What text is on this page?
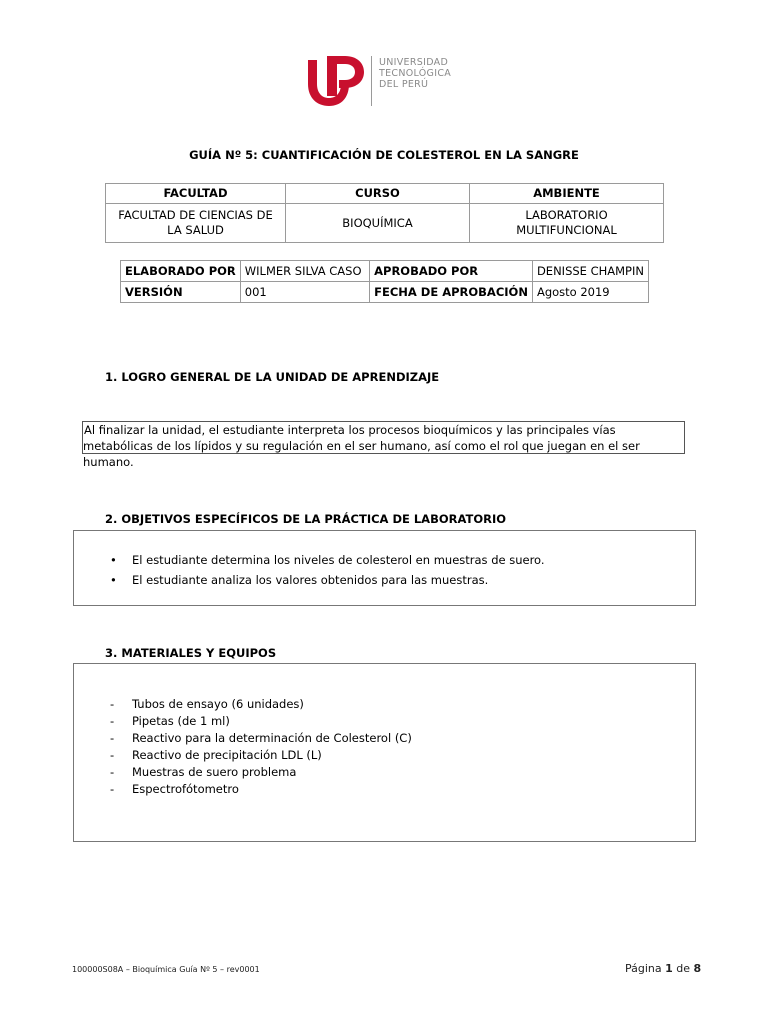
UNIVERSIDAD
TECNOLÓGICA
DEL PERÚ
GUÍA Nº 5: CUANTIFICACIÓN DE COLESTEROL EN LA SANGRE
FACULTAD	CURSO	AMBIENTE
FACULTAD DE CIENCIAS DE LA SALUD	BIOQUÍMICA	LABORATORIO MULTIFUNCIONAL
ELABORADO POR	WILMER SILVA CASO	APROBADO POR	DENISSE CHAMPIN
VERSIÓN	001	FECHA DE APROBACIÓN	Agosto 2019
1. LOGRO GENERAL DE LA UNIDAD DE APRENDIZAJE
Al finalizar la unidad, el estudiante interpreta los procesos bioquímicos y las principales vías metabólicas de los lípidos y su regulación en el ser humano, así como el rol que juegan en el ser humano.
2. OBJETIVOS ESPECÍFICOS DE LA PRÁCTICA DE LABORATORIO
• El estudiante determina los niveles de colesterol en muestras de suero.
• El estudiante analiza los valores obtenidos para las muestras.
3. MATERIALES Y EQUIPOS
- Tubos de ensayo (6 unidades)
- Pipetas (de 1 ml)
- Reactivo para la determinación de Colesterol (C)
- Reactivo de precipitación LDL (L)
- Muestras de suero problema
- Espectrofótometro
100000S08A – Bioquímica Guía Nº 5 – rev0001	Página 1 de 8
